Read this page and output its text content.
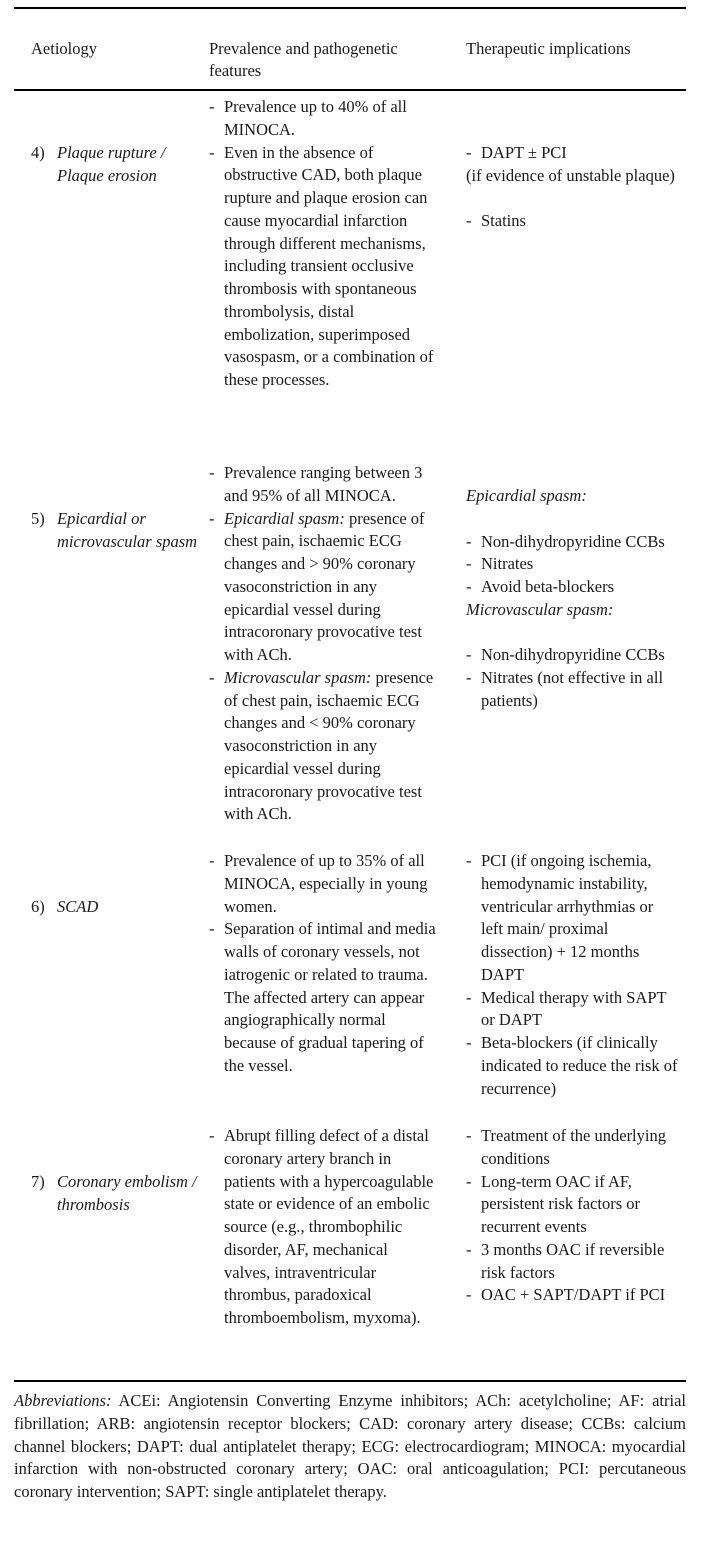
Aetiology	Prevalence and pathogenetic features
Therapeutic implications
4) Plaque rupture / Plaque erosion
- Prevalence up to 40% of all MINOCA.
- Even in the absence of obstructive CAD, both plaque rupture and plaque erosion can cause myocardial infarction through different mechanisms, including transient occlusive thrombosis with spontaneous thrombolysis, distal embolization, superimposed vasospasm, or a combination of these processes.
- DAPT ± PCI
(if evidence of unstable plaque)
- Statins
5) Epicardial or microvascular spasm
- Prevalence ranging between 3 and 95% of all MINOCA.
- Epicardial spasm: presence of chest pain, ischaemic ECG changes and > 90% coronary vasoconstriction in any epicardial vessel during intracoronary provocative test with ACh.
- Microvascular spasm: presence of chest pain, ischaemic ECG changes and < 90% coronary vasoconstriction in any epicardial vessel during intracoronary provocative test with ACh.
Epicardial spasm:
- Non-dihydropyridine CCBs
- Nitrates
- Avoid beta-blockers
Microvascular spasm:
- Non-dihydropyridine CCBs
- Nitrates (not effective in all patients)
6) SCAD
- Prevalence of up to 35% of all MINOCA, especially in young women.
- Separation of intimal and media walls of coronary vessels, not iatrogenic or related to trauma. The affected artery can appear angiographically normal because of gradual tapering of the vessel.
- PCI (if ongoing ischemia, hemodynamic instability, ventricular arrhythmias or left main/ proximal dissection) + 12 months DAPT
- Medical therapy with SAPT or DAPT
- Beta-blockers (if clinically indicated to reduce the risk of recurrence)
7) Coronary embolism / thrombosis
- Abrupt filling defect of a distal coronary artery branch in patients with a hypercoagulable state or evidence of an embolic source (e.g., thrombophilic disorder, AF, mechanical valves, intraventricular thrombus, paradoxical thromboembolism, myxoma).
- Treatment of the underlying conditions
- Long-term OAC if AF, persistent risk factors or recurrent events
- 3 months OAC if reversible risk factors
- OAC + SAPT/DAPT if PCI
Abbreviations: ACEi: Angiotensin Converting Enzyme inhibitors; ACh: acetylcholine; AF: atrial fibrillation; ARB: angiotensin receptor blockers; CAD: coronary artery disease; CCBs: calcium channel blockers; DAPT: dual antiplatelet therapy; ECG: electrocardiogram; MINOCA: myocardial infarction with non-obstructed coronary artery; OAC: oral anticoagulation; PCI: percutaneous coronary intervention; SAPT: single antiplatelet therapy.
